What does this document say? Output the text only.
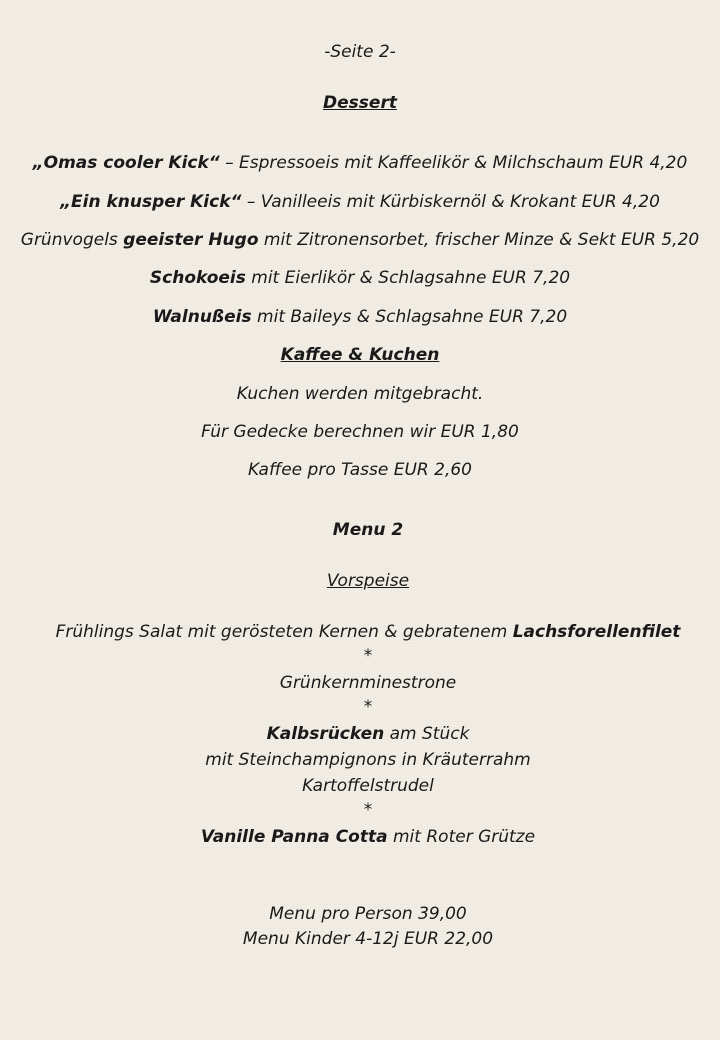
-Seite 2-
Dessert
„Omas cooler Kick“ – Espressoeis mit Kaffeelikör & Milchschaum EUR 4,20
„Ein knusper Kick“ – Vanilleeis mit Kürbiskernöl & Krokant EUR 4,20
Grünvogels geeister Hugo mit Zitronensorbet, frischer Minze & Sekt EUR 5,20
Schokoeis mit Eierlikör & Schlagsahne EUR 7,20
Walnußeis mit Baileys & Schlagsahne EUR 7,20
Kaffee & Kuchen
Kuchen werden mitgebracht.
Für Gedecke berechnen wir EUR 1,80
Kaffee pro Tasse EUR 2,60
Menu 2
Vorspeise
Frühlings Salat mit gerösteten Kernen & gebratenem Lachsforellenfilet
*
Grünkernminestrone
*
Kalbsrücken am Stück
mit Steinchampignons in Kräuterrahm
Kartoffelstrudel
*
Vanille Panna Cotta mit Roter Grütze
Menu pro Person 39,00
Menu Kinder 4-12j EUR 22,00
